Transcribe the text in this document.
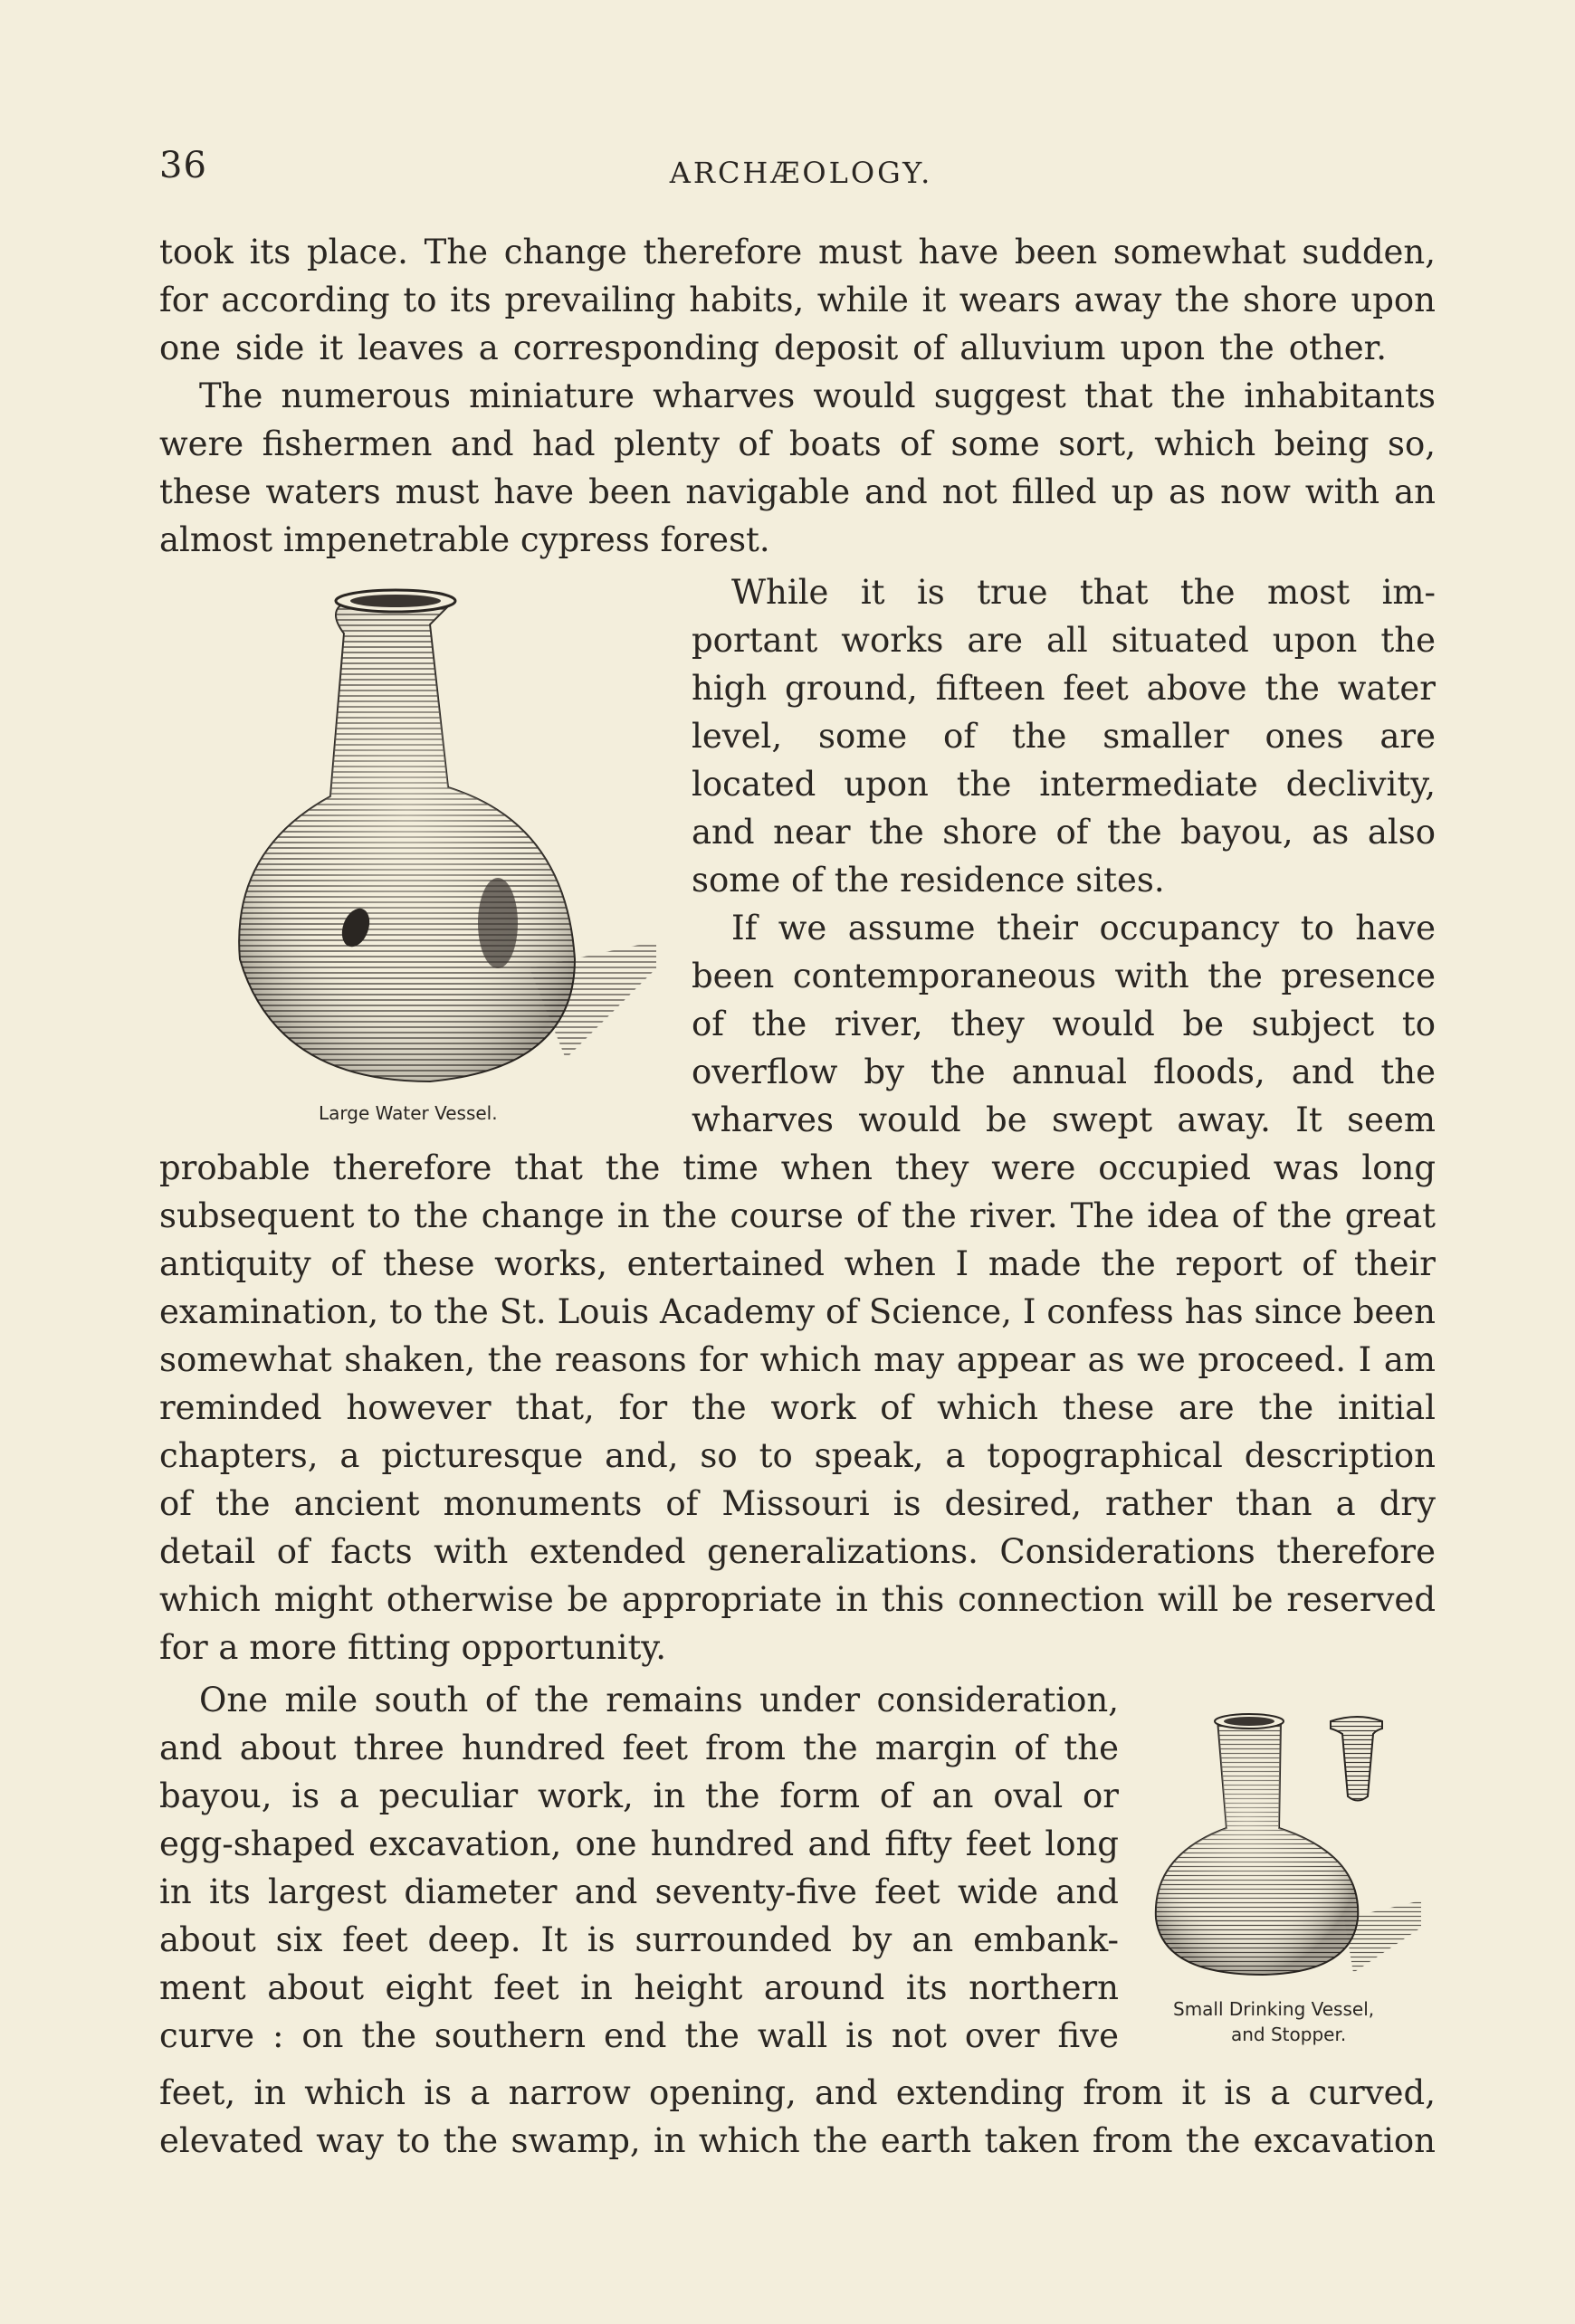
36	ARCHÆOLOGY.
Large Water Vessel.
Small Drinking Vessel,
and Stopper.
took its place. The change therefore must have been somewhat sudden,
for according to its prevailing habits, while it wears away the shore upon
one side it leaves a corresponding deposit of alluvium upon the other.
The numerous miniature wharves would suggest that the inhabitants
were fishermen and had plenty of boats of some sort, which being so,
these waters must have been navigable and not filled up as now with an
almost impenetrable cypress forest.
While it is true that the most im-
portant works are all situated upon the
high ground, fifteen feet above the water
level, some of the smaller ones are
located upon the intermediate declivity,
and near the shore of the bayou, as also
some of the residence sites.
If we assume their occupancy to have
been contemporaneous with the presence
of the river, they would be subject to
overflow by the annual floods, and the
wharves would be swept away. It seem
probable therefore that the time when they were occupied was long
subsequent to the change in the course of the river. The idea of the great
antiquity of these works, entertained when I made the report of their
examination, to the St. Louis Academy of Science, I confess has since been
somewhat shaken, the reasons for which may appear as we proceed. I am
reminded however that, for the work of which these are the initial
chapters, a picturesque and, so to speak, a topographical description
of the ancient monuments of Missouri is desired, rather than a dry
detail of facts with extended generalizations. Considerations therefore
which might otherwise be appropriate in this connection will be reserved
for a more fitting opportunity.
One mile south of the remains under consideration,
and about three hundred feet from the margin of the
bayou, is a peculiar work, in the form of an oval or
egg-shaped excavation, one hundred and fifty feet long
in its largest diameter and seventy-five feet wide and
about six feet deep. It is surrounded by an embank-
ment about eight feet in height around its northern
curve : on the southern end the wall is not over five
feet, in which is a narrow opening, and extending from it is a curved,
elevated way to the swamp, in which the earth taken from the excavation
